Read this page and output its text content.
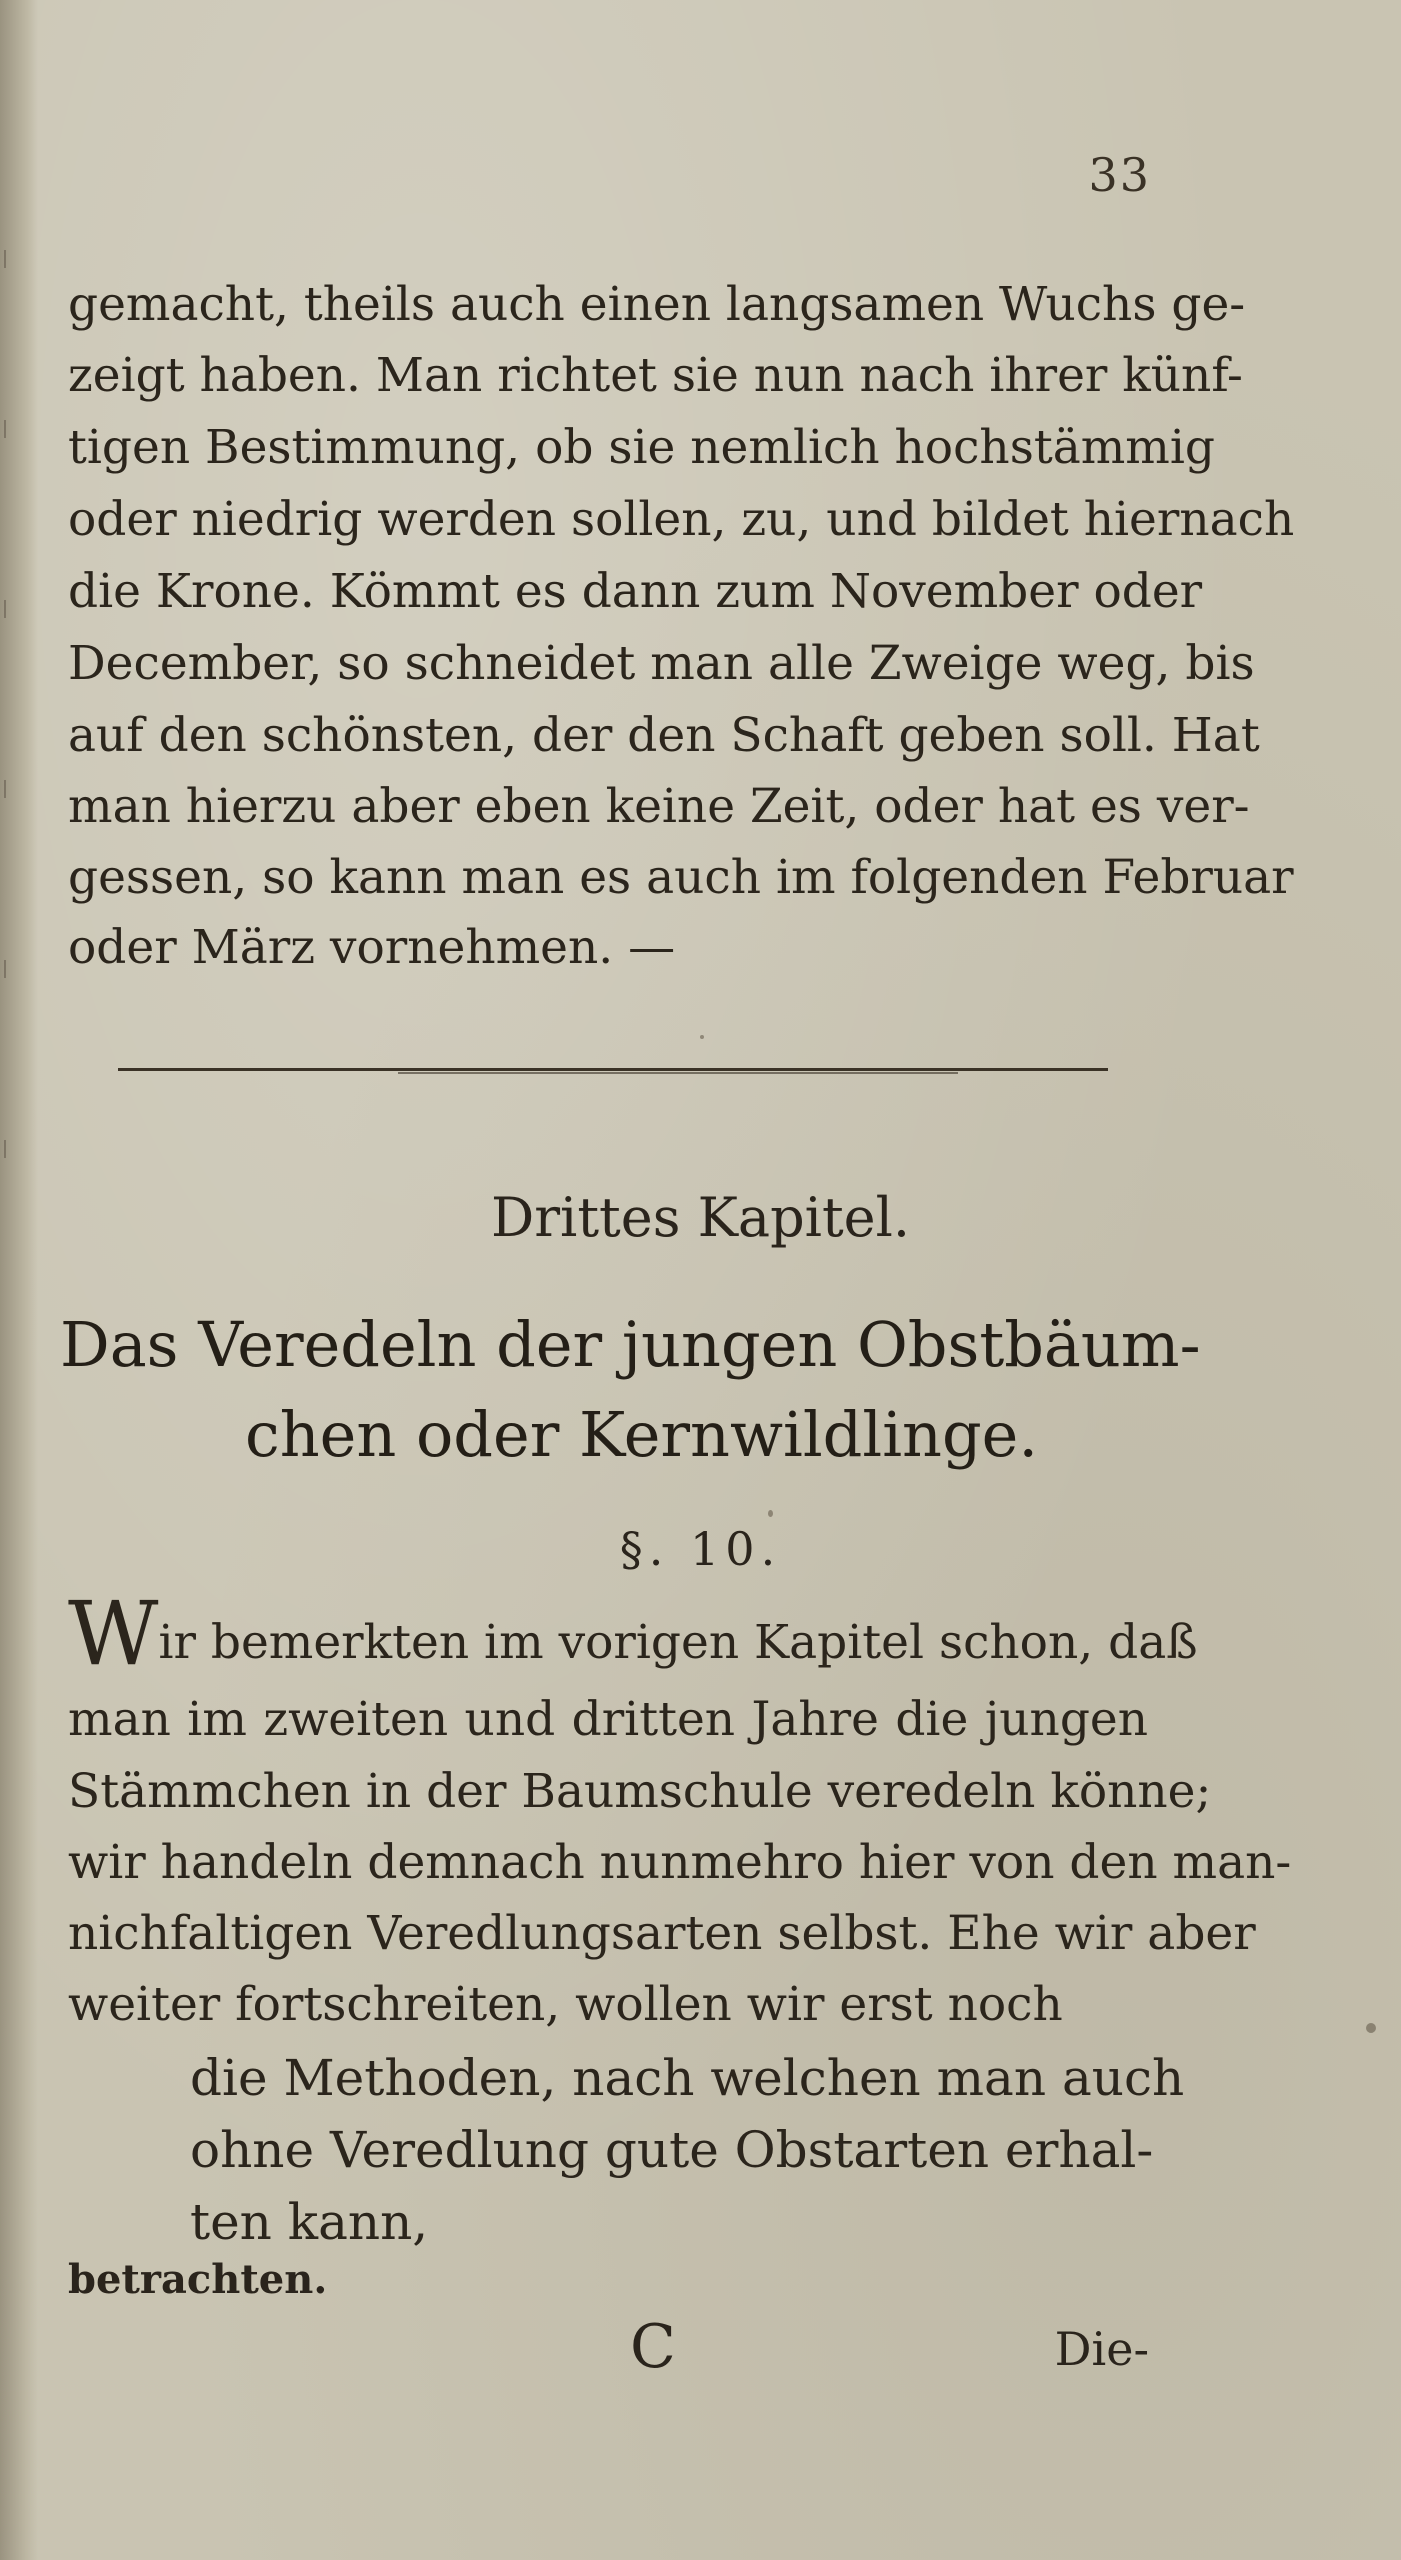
33
gemacht, theils auch einen langsamen Wuchs ge-
zeigt haben. Man richtet sie nun nach ihrer künf-
tigen Bestimmung, ob sie nemlich hochstämmig
oder niedrig werden sollen, zu, und bildet hiernach
die Krone. Kömmt es dann zum November oder
December, so schneidet man alle Zweige weg, bis
auf den schönsten, der den Schaft geben soll. Hat
man hierzu aber eben keine Zeit, oder hat es ver-
gessen, so kann man es auch im folgenden Februar
oder März vornehmen. —
Drittes Kapitel.
Das Veredeln der jungen Obstbäum-
chen oder Kernwildlinge.
§. 10.
Wir bemerkten im vorigen Kapitel schon, daß
man im zweiten und dritten Jahre die jungen
Stämmchen in der Baumschule veredeln könne;
wir handeln demnach nunmehro hier von den man-
nichfaltigen Veredlungsarten selbst. Ehe wir aber
weiter fortschreiten, wollen wir erst noch
die Methoden, nach welchen man auch
ohne Veredlung gute Obstarten erhal-
ten kann,
betrachten.
C	Die-
